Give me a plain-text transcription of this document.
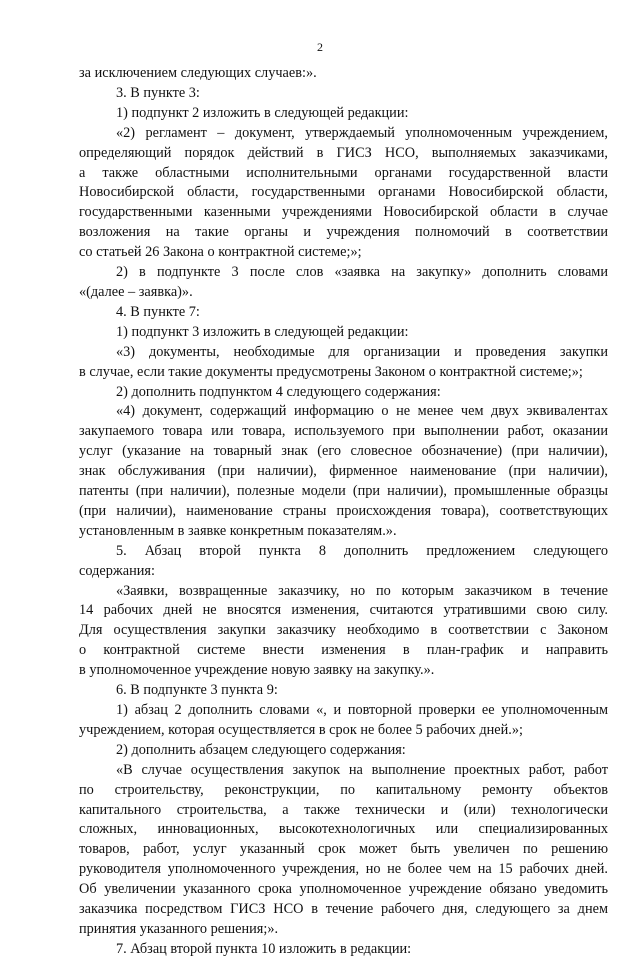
2

за исключением следующих случаев:».

3. В пункте 3:

1) подпункт 2 изложить в следующей редакции:

«2) регламент – документ, утверждаемый уполномоченным учреждением,

определяющий порядок действий в ГИСЗ НСО, выполняемых заказчиками,

а также областными исполнительными органами государственной власти

Новосибирской области, государственными органами Новосибирской области,

государственными казенными учреждениями Новосибирской области в случае

возложения на такие органы и учреждения полномочий в соответствии

со статьей 26 Закона о контрактной системе;»;

2) в подпункте 3 после слов «заявка на закупку» дополнить словами

«(далее – заявка)».

4. В пункте 7:

1) подпункт 3 изложить в следующей редакции:

«3) документы, необходимые для организации и проведения закупки

в случае, если такие документы предусмотрены Законом о контрактной системе;»;

2) дополнить подпунктом 4 следующего содержания:

«4) документ, содержащий информацию о не менее чем двух эквивалентах

закупаемого товара или товара, используемого при выполнении работ, оказании

услуг (указание на товарный знак (его словесное обозначение) (при наличии),

знак обслуживания (при наличии), фирменное наименование (при наличии),

патенты (при наличии), полезные модели (при наличии), промышленные образцы

(при наличии), наименование страны происхождения товара), соответствующих

установленным в заявке конкретным показателям.».

5. Абзац второй пункта 8 дополнить предложением следующего

содержания:

«Заявки, возвращенные заказчику, но по которым заказчиком в течение

14 рабочих дней не вносятся изменения, считаются утратившими свою силу.

Для осуществления закупки заказчику необходимо в соответствии с Законом

о контрактной системе внести изменения в план-график и направить

в уполномоченное учреждение новую заявку на закупку.».

6. В подпункте 3 пункта 9:

1) абзац 2 дополнить словами «, и повторной проверки ее уполномоченным

учреждением, которая осуществляется в срок не более 5 рабочих дней.»;

2) дополнить абзацем следующего содержания:

«В случае осуществления закупок на выполнение проектных работ, работ

по строительству, реконструкции, по капитальному ремонту объектов

капитального строительства, а также технически и (или) технологически

сложных, инновационных, высокотехнологичных или специализированных

товаров, работ, услуг указанный срок может быть увеличен по решению

руководителя уполномоченного учреждения, но не более чем на 15 рабочих дней.

Об увеличении указанного срока уполномоченное учреждение обязано уведомить

заказчика посредством ГИСЗ НСО в течение рабочего дня, следующего за днем

принятия указанного решения;».

7. Абзац второй пункта 10 изложить в редакции:
